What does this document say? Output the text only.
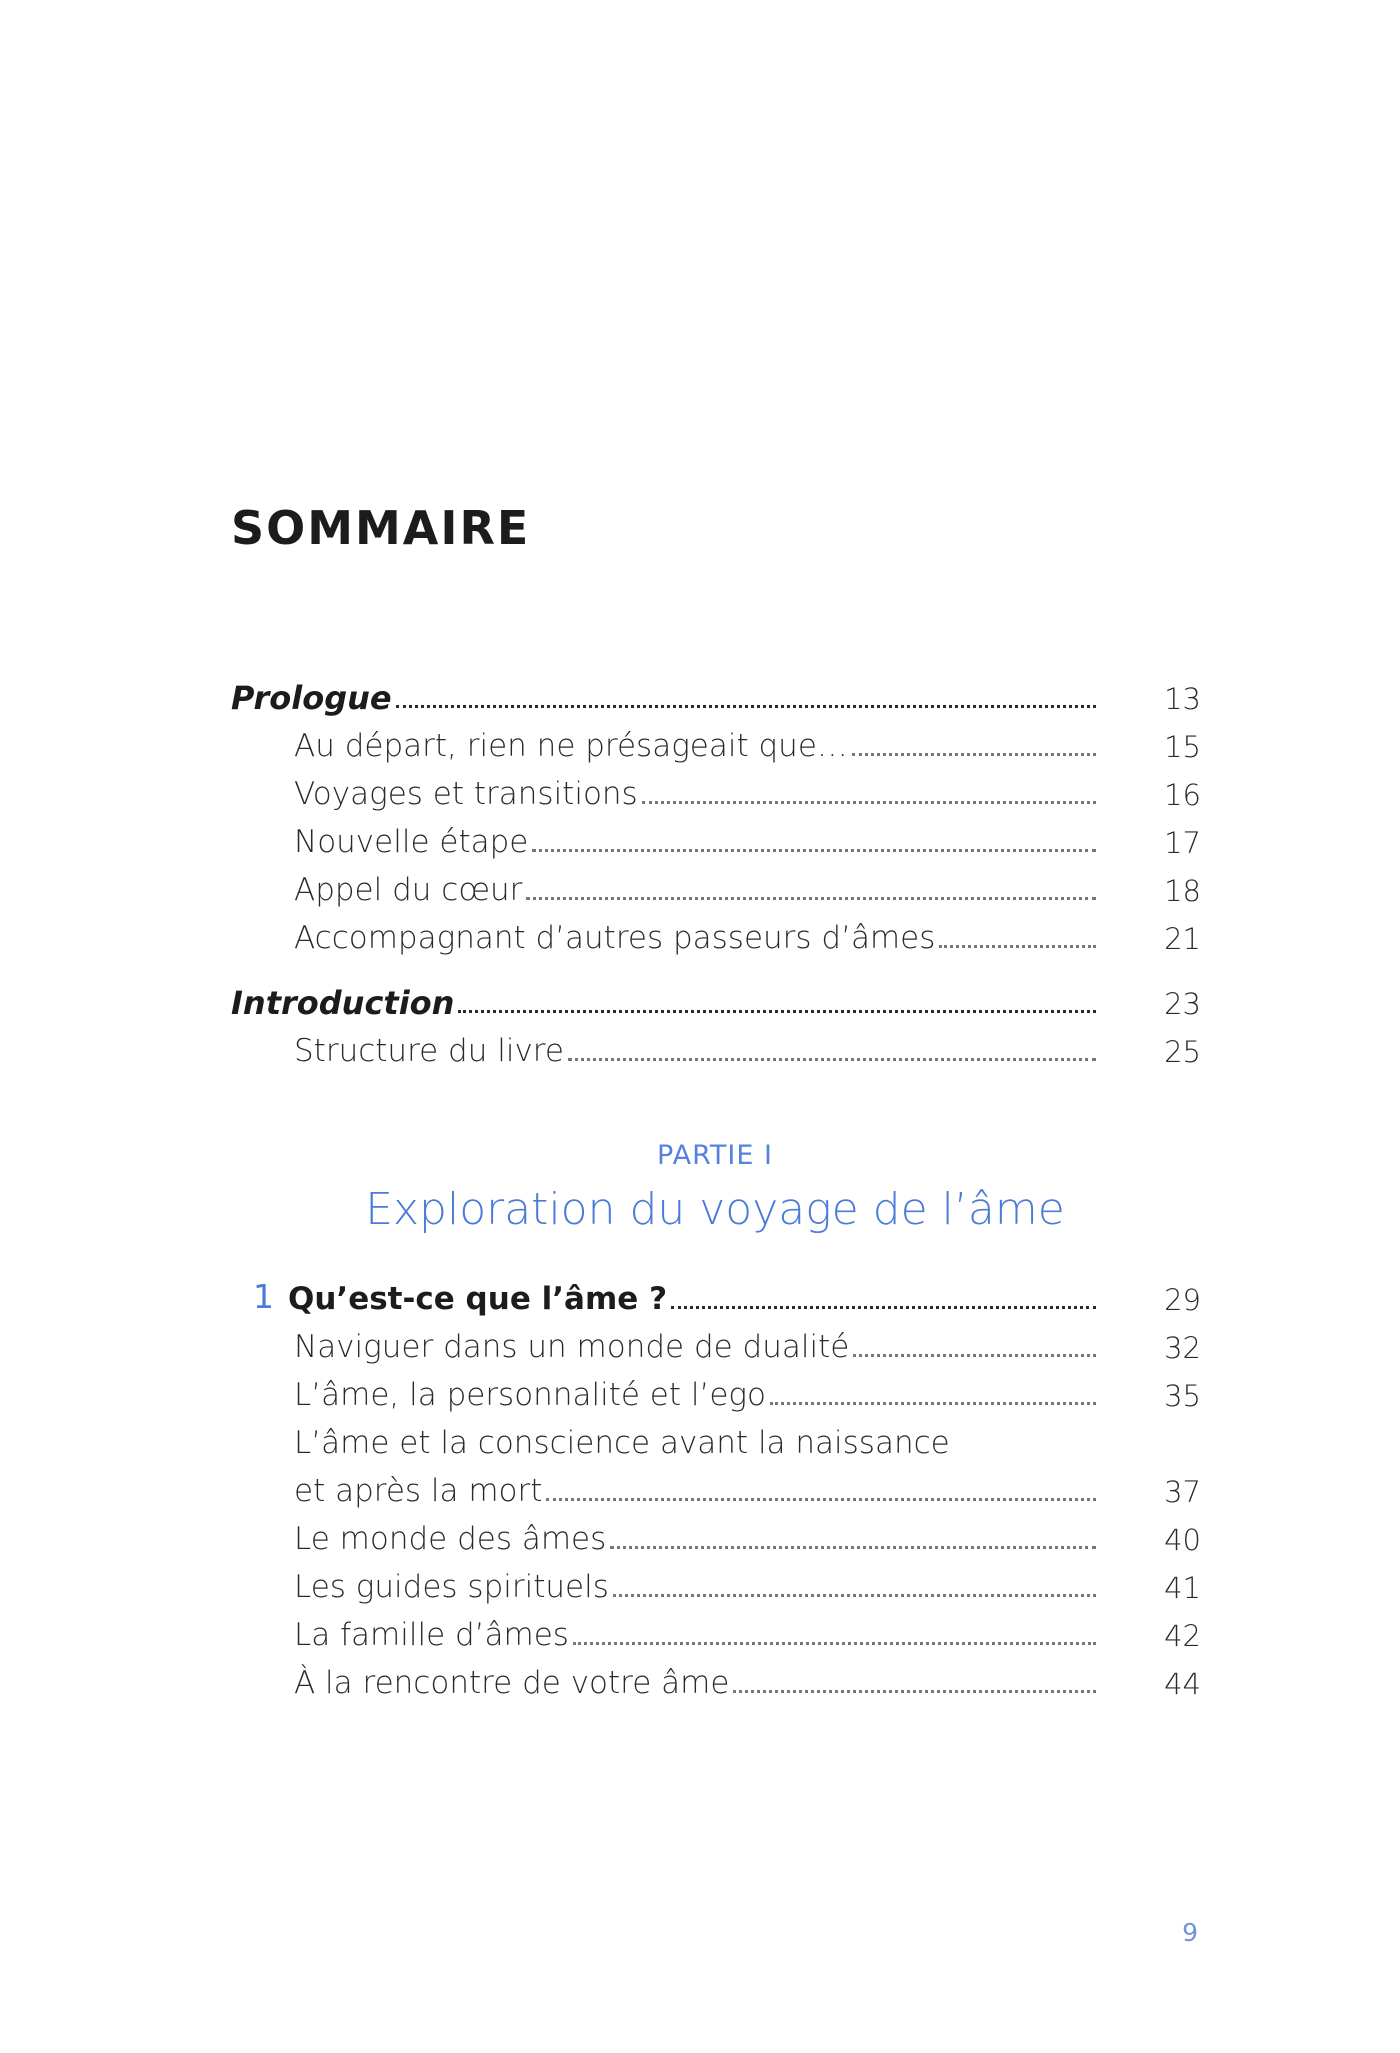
SOMMAIRE
Prologue	13
Au départ, rien ne présageait que…	15
Voyages et transitions	16
Nouvelle étape	17
Appel du cœur	18
Accompagnant d’autres passeurs d’âmes	21
Introduction	23
Structure du livre	25
PARTIE I
Exploration du voyage de l’âme
1 Qu’est-ce que l’âme ?	29
Naviguer dans un monde de dualité	32
L’âme, la personnalité et l’ego	35
L’âme et la conscience avant la naissance
et après la mort	37
Le monde des âmes	40
Les guides spirituels	41
La famille d’âmes	42
À la rencontre de votre âme	44
9
